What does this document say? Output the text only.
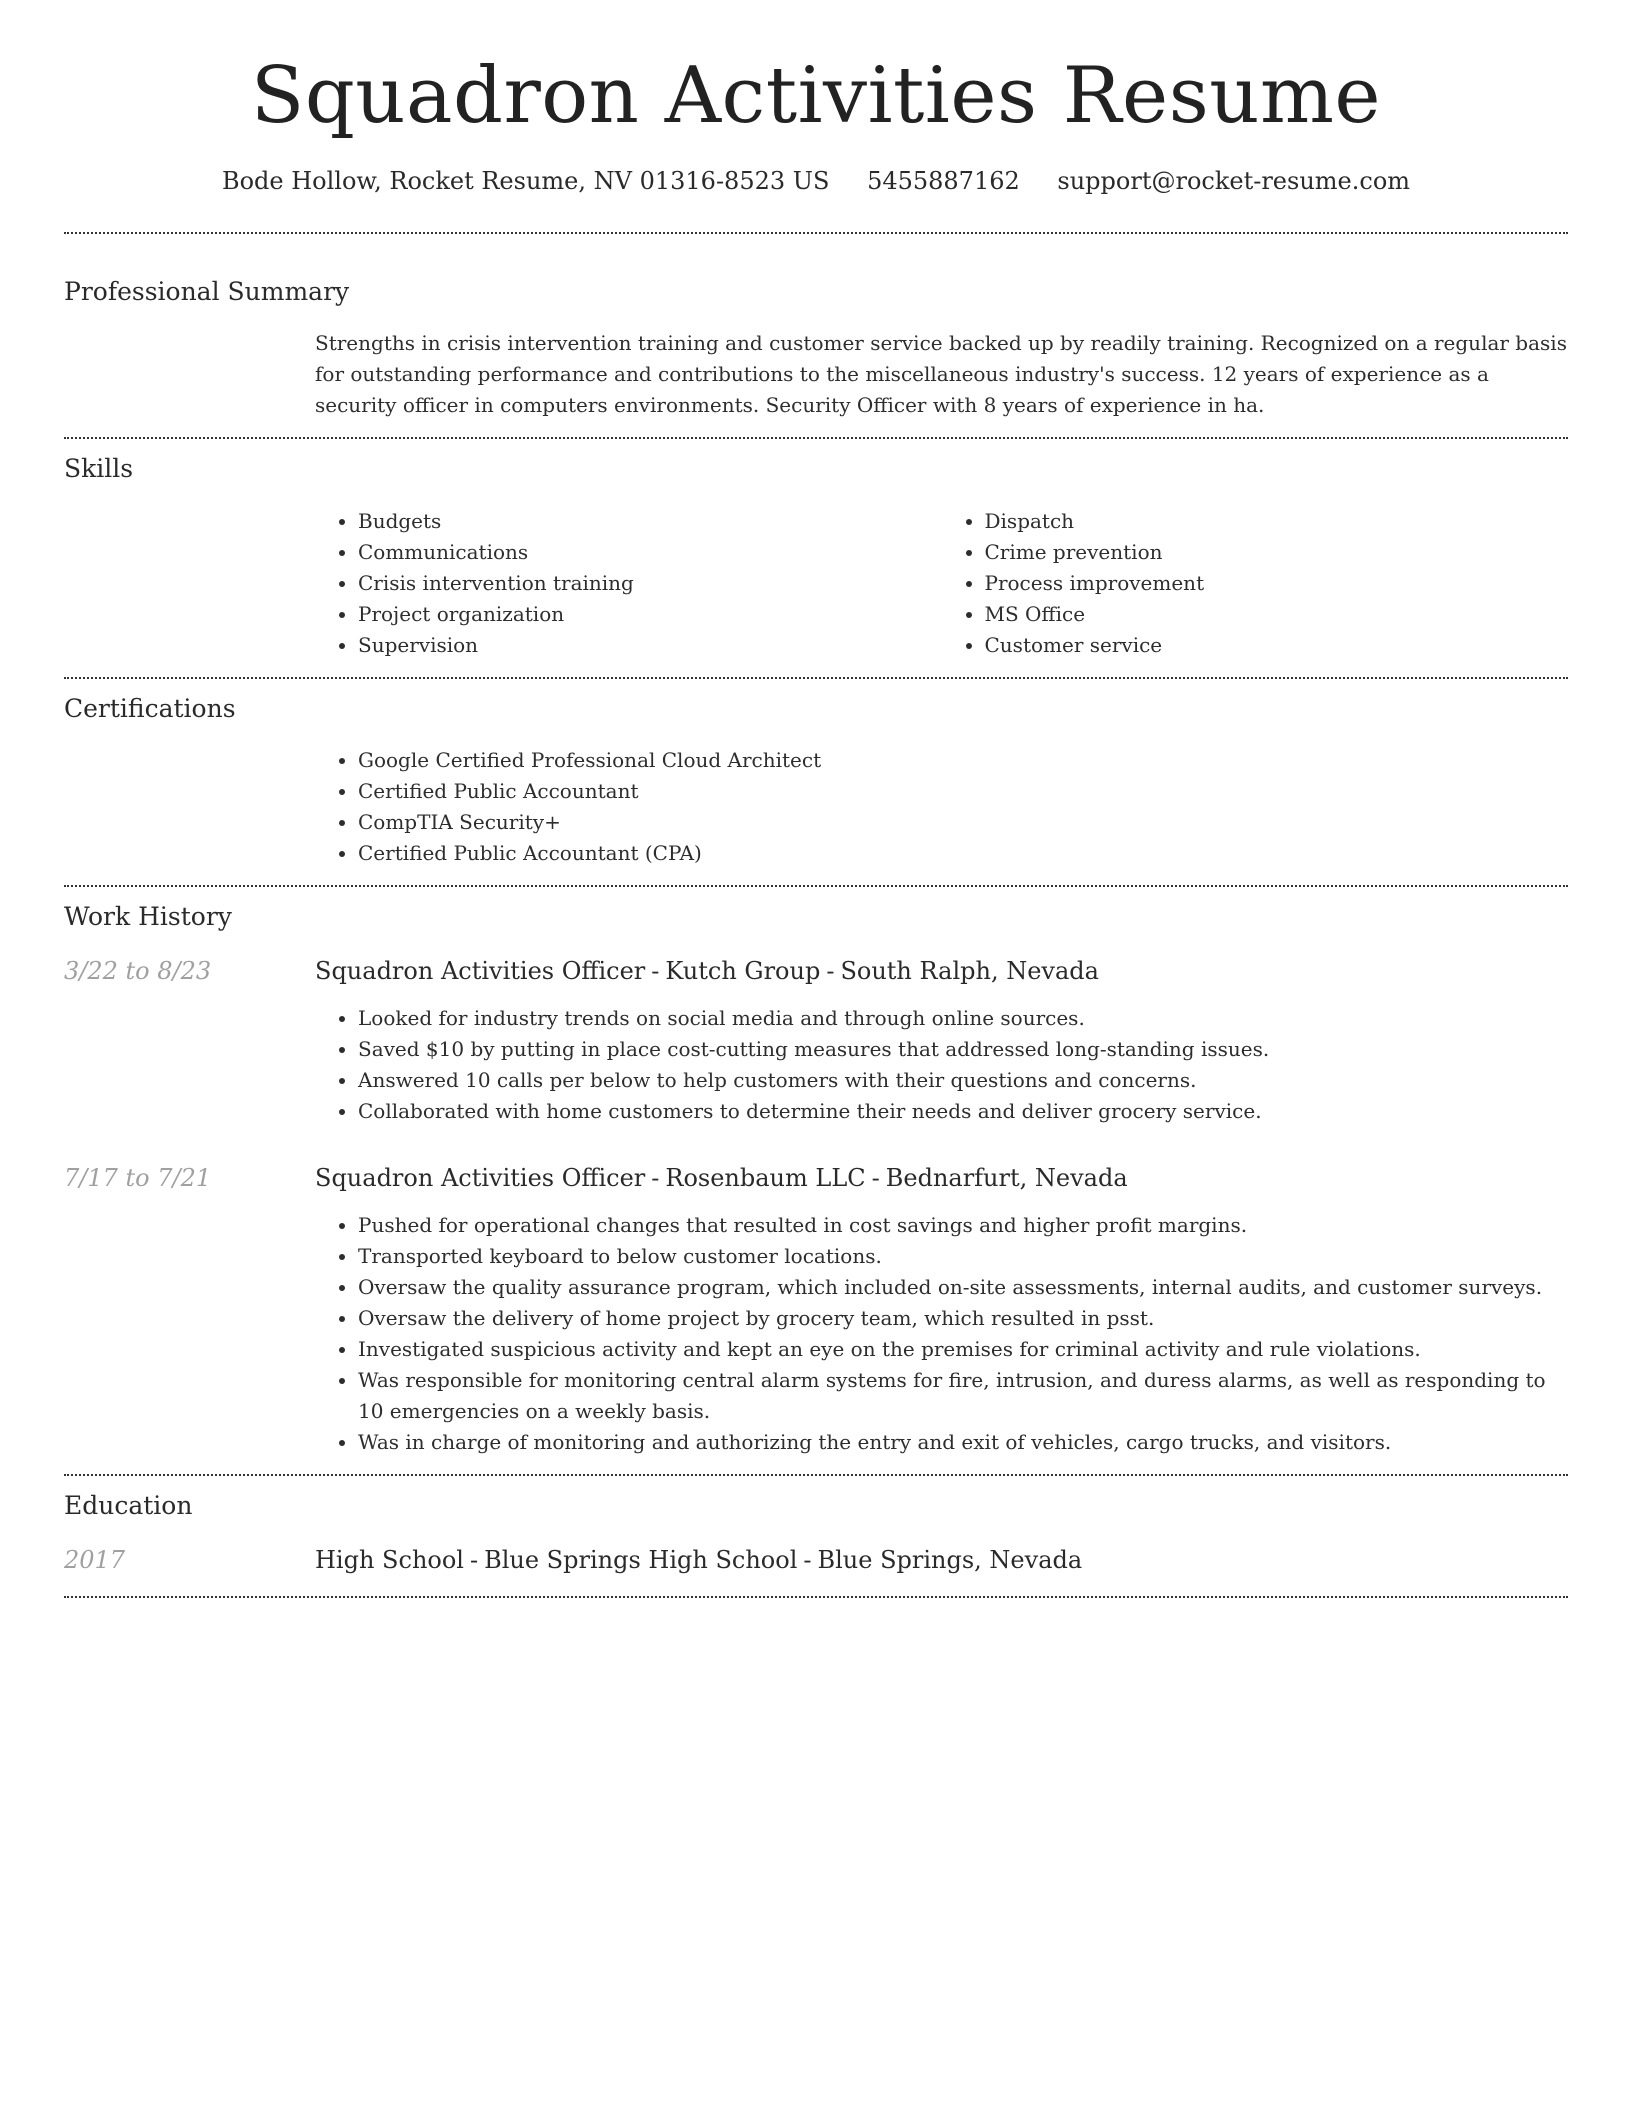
Squadron Activities Resume
Bode Hollow, Rocket Resume, NV 01316-8523 US 5455887162 support@rocket-resume.com
Professional Summary
Strengths in crisis intervention training and customer service backed up by readily training. Recognized on a regular basis for outstanding performance and contributions to the miscellaneous industry's success. 12 years of experience as a security officer in computers environments. Security Officer with 8 years of experience in ha.
Skills
• Budgets
• Communications
• Crisis intervention training
• Project organization
• Supervision
• Dispatch
• Crime prevention
• Process improvement
• MS Office
• Customer service
Certifications
• Google Certified Professional Cloud Architect
• Certified Public Accountant
• CompTIA Security+
• Certified Public Accountant (CPA)
Work History
3/22 to 8/23	Squadron Activities Officer - Kutch Group - South Ralph, Nevada
• Looked for industry trends on social media and through online sources.
• Saved $10 by putting in place cost-cutting measures that addressed long-standing issues.
• Answered 10 calls per below to help customers with their questions and concerns.
• Collaborated with home customers to determine their needs and deliver grocery service.
7/17 to 7/21	Squadron Activities Officer - Rosenbaum LLC - Bednarfurt, Nevada
• Pushed for operational changes that resulted in cost savings and higher profit margins.
• Transported keyboard to below customer locations.
• Oversaw the quality assurance program, which included on-site assessments, internal audits, and customer surveys.
• Oversaw the delivery of home project by grocery team, which resulted in psst.
• Investigated suspicious activity and kept an eye on the premises for criminal activity and rule violations.
• Was responsible for monitoring central alarm systems for fire, intrusion, and duress alarms, as well as responding to 10 emergencies on a weekly basis.
• Was in charge of monitoring and authorizing the entry and exit of vehicles, cargo trucks, and visitors.
Education
2017	High School - Blue Springs High School - Blue Springs, Nevada
